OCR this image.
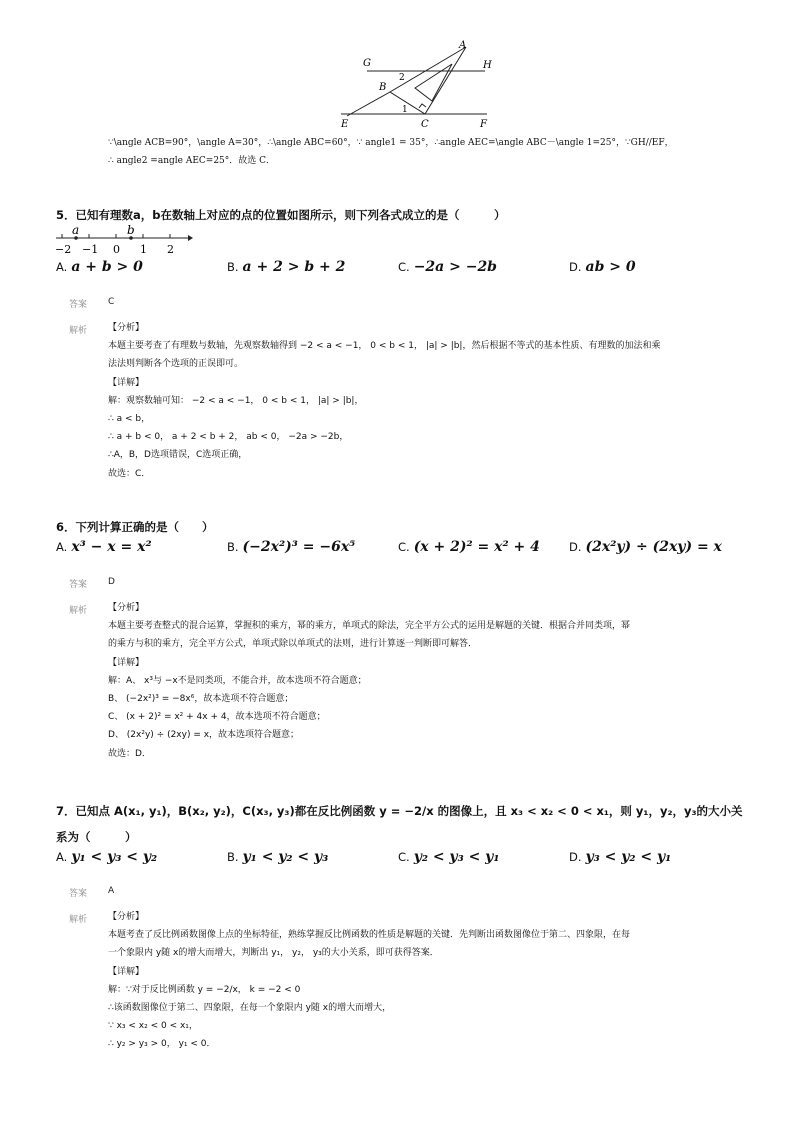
A
G	H
2
B
1
E	C	F
∵\angle ACB=90°，\angle A=30°，∴\angle ABC=60°，∵ angle1 = 35°，∴angle AEC=\angle ABC－\angle 1=25°，∵GH//EF，
∴ angle2 =angle AEC=25°．故选 C．
5．已知有理数a，b在数轴上对应的点的位置如图所示，则下列各式成立的是（　　　）
a	b
−2 −1 0 1 2
A. a + b > 0	B. a + 2 > b + 2	C. −2a > −2b	D. ab > 0
答案 C
解析 【分析】
本题主要考查了有理数与数轴，先观察数轴得到 −2 < a < −1， 0 < b < 1， |a| > |b|，然后根据不等式的基本性质、有理数的加法和乘
法法则判断各个选项的正误即可。
【详解】
解：观察数轴可知： −2 < a < −1， 0 < b < 1， |a| > |b|，
∴ a < b，
∴ a + b < 0， a + 2 < b + 2， ab < 0， −2a > −2b，
∴A，B，D选项错误，C选项正确，
故选：C．
6．下列计算正确的是（　　）
A. x³ − x = x²	B. (−2x²)³ = −6x⁵	C. (x + 2)² = x² + 4	D. (2x²y) ÷ (2xy) = x
答案 D
解析 【分析】
本题主要考查整式的混合运算，掌握积的乘方，幂的乘方，单项式的除法，完全平方公式的运用是解题的关键．根据合并同类项，幂
的乘方与积的乘方，完全平方公式，单项式除以单项式的法则，进行计算逐一判断即可解答．
【详解】
解：A、 x³与 −x不是同类项，不能合并，故本选项不符合题意；
B、 (−2x²)³ = −8x⁶，故本选项不符合题意；
C、 (x + 2)² = x² + 4x + 4，故本选项不符合题意；
D、 (2x²y) ÷ (2xy) = x，故本选项符合题意；
故选：D．
7．已知点 A(x₁, y₁)，B(x₂, y₂)，C(x₃, y₃)都在反比例函数 y = −2/x 的图像上，且 x₃ < x₂ < 0 < x₁，则 y₁，y₂，y₃的大小关
系为（　　　）
A. y₁ < y₃ < y₂	B. y₁ < y₂ < y₃	C. y₂ < y₃ < y₁	D. y₃ < y₂ < y₁
答案 A
解析 【分析】
本题考查了反比例函数图像上点的坐标特征，熟练掌握反比例函数的性质是解题的关键．先判断出函数图像位于第二、四象限，在每
一个象限内 y随 x的增大而增大，判断出 y₁， y₂， y₃的大小关系，即可获得答案．
【详解】
解：∵对于反比例函数 y = −2/x， k = −2 < 0
∴该函数图像位于第二、四象限，在每一个象限内 y随 x的增大而增大，
∵ x₃ < x₂ < 0 < x₁，
∴ y₂ > y₃ > 0， y₁ < 0．
